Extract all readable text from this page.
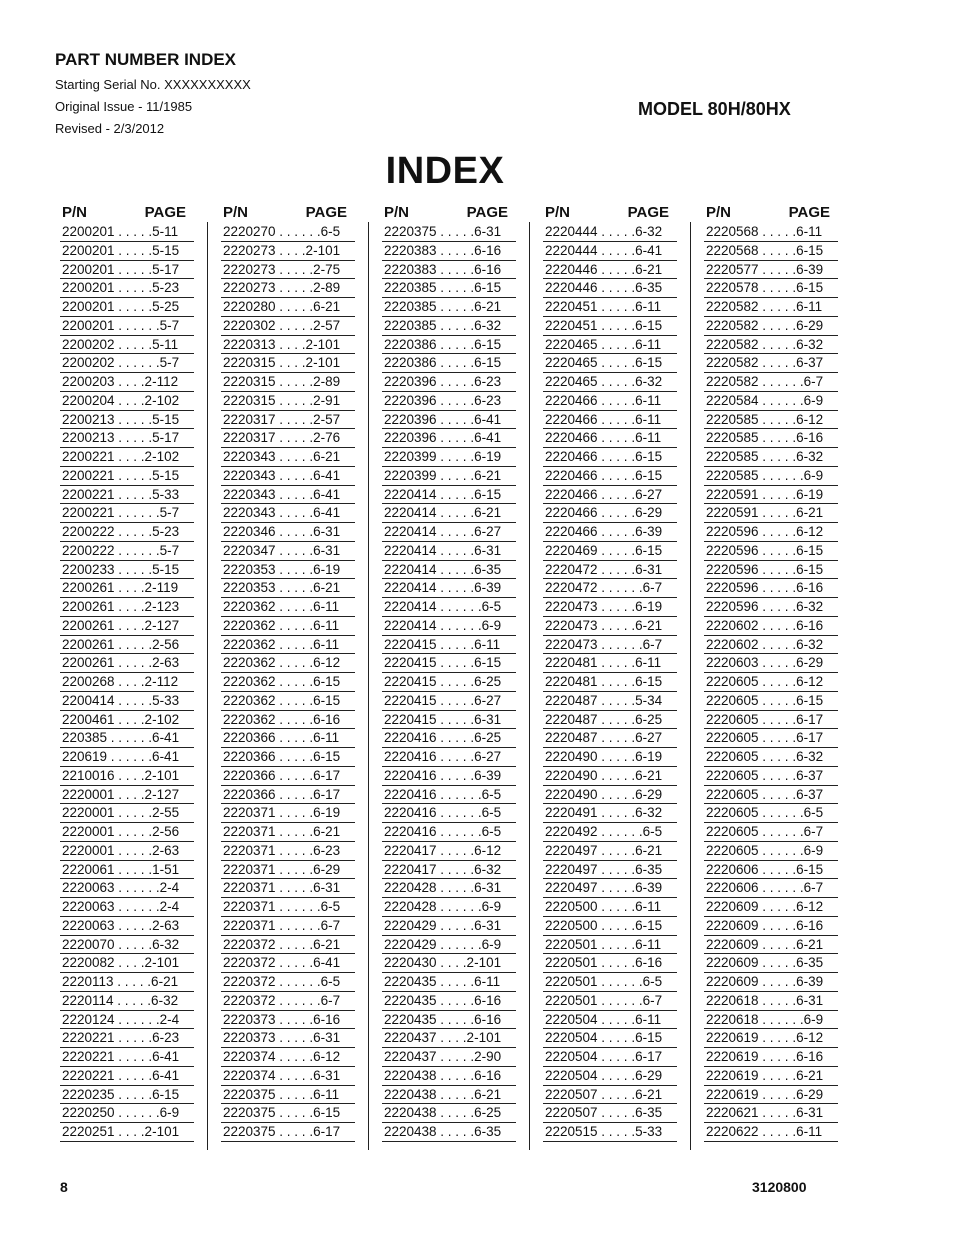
PART NUMBER INDEX
Starting Serial No. XXXXXXXXXX
Original Issue - 11/1985
Revised - 2/3/2012
MODEL 80H/80HX
INDEX
P/N	PAGE
2200201 . . . . .5-11
2200201 . . . . .5-15
2200201 . . . . .5-17
2200201 . . . . .5-23
2200201 . . . . .5-25
2200201 . . . . . .5-7
2200202 . . . . .5-11
2200202 . . . . . .5-7
2200203 . . . .2-112
2200204 . . . .2-102
2200213 . . . . .5-15
2200213 . . . . .5-17
2200221 . . . .2-102
2200221 . . . . .5-15
2200221 . . . . .5-33
2200221 . . . . . .5-7
2200222 . . . . .5-23
2200222 . . . . . .5-7
2200233 . . . . .5-15
2200261 . . . .2-119
2200261 . . . .2-123
2200261 . . . .2-127
2200261 . . . . .2-56
2200261 . . . . .2-63
2200268 . . . .2-112
2200414 . . . . .5-33
2200461 . . . .2-102
220385 . . . . . .6-41
220619 . . . . . .6-41
2210016 . . . .2-101
2220001 . . . .2-127
2220001 . . . . .2-55
2220001 . . . . .2-56
2220001 . . . . .2-63
2220061 . . . . .1-51
2220063 . . . . . .2-4
2220063 . . . . . .2-4
2220063 . . . . .2-63
2220070 . . . . .6-32
2220082 . . . .2-101
2220113 . . . . .6-21
2220114 . . . . .6-32
2220124 . . . . . .2-4
2220221 . . . . .6-23
2220221 . . . . .6-41
2220221 . . . . .6-41
2220235 . . . . .6-15
2220250 . . . . . .6-9
2220251 . . . .2-101
P/N	PAGE
2220270 . . . . . .6-5
2220273 . . . .2-101
2220273 . . . . .2-75
2220273 . . . . .2-89
2220280 . . . . .6-21
2220302 . . . . .2-57
2220313 . . . .2-101
2220315 . . . .2-101
2220315 . . . . .2-89
2220315 . . . . .2-91
2220317 . . . . .2-57
2220317 . . . . .2-76
2220343 . . . . .6-21
2220343 . . . . .6-41
2220343 . . . . .6-41
2220343 . . . . .6-41
2220346 . . . . .6-31
2220347 . . . . .6-31
2220353 . . . . .6-19
2220353 . . . . .6-21
2220362 . . . . .6-11
2220362 . . . . .6-11
2220362 . . . . .6-11
2220362 . . . . .6-12
2220362 . . . . .6-15
2220362 . . . . .6-15
2220362 . . . . .6-16
2220366 . . . . .6-11
2220366 . . . . .6-15
2220366 . . . . .6-17
2220366 . . . . .6-17
2220371 . . . . .6-19
2220371 . . . . .6-21
2220371 . . . . .6-23
2220371 . . . . .6-29
2220371 . . . . .6-31
2220371 . . . . . .6-5
2220371 . . . . . .6-7
2220372 . . . . .6-21
2220372 . . . . .6-41
2220372 . . . . . .6-5
2220372 . . . . . .6-7
2220373 . . . . .6-16
2220373 . . . . .6-31
2220374 . . . . .6-12
2220374 . . . . .6-31
2220375 . . . . .6-11
2220375 . . . . .6-15
2220375 . . . . .6-17
P/N	PAGE
2220375 . . . . .6-31
2220383 . . . . .6-16
2220383 . . . . .6-16
2220385 . . . . .6-15
2220385 . . . . .6-21
2220385 . . . . .6-32
2220386 . . . . .6-15
2220386 . . . . .6-15
2220396 . . . . .6-23
2220396 . . . . .6-23
2220396 . . . . .6-41
2220396 . . . . .6-41
2220399 . . . . .6-19
2220399 . . . . .6-21
2220414 . . . . .6-15
2220414 . . . . .6-21
2220414 . . . . .6-27
2220414 . . . . .6-31
2220414 . . . . .6-35
2220414 . . . . .6-39
2220414 . . . . . .6-5
2220414 . . . . . .6-9
2220415 . . . . .6-11
2220415 . . . . .6-15
2220415 . . . . .6-25
2220415 . . . . .6-27
2220415 . . . . .6-31
2220416 . . . . .6-25
2220416 . . . . .6-27
2220416 . . . . .6-39
2220416 . . . . . .6-5
2220416 . . . . . .6-5
2220416 . . . . . .6-5
2220417 . . . . .6-12
2220417 . . . . .6-32
2220428 . . . . .6-31
2220428 . . . . . .6-9
2220429 . . . . .6-31
2220429 . . . . . .6-9
2220430 . . . .2-101
2220435 . . . . .6-11
2220435 . . . . .6-16
2220435 . . . . .6-16
2220437 . . . .2-101
2220437 . . . . .2-90
2220438 . . . . .6-16
2220438 . . . . .6-21
2220438 . . . . .6-25
2220438 . . . . .6-35
P/N	PAGE
2220444 . . . . .6-32
2220444 . . . . .6-41
2220446 . . . . .6-21
2220446 . . . . .6-35
2220451 . . . . .6-11
2220451 . . . . .6-15
2220465 . . . . .6-11
2220465 . . . . .6-15
2220465 . . . . .6-32
2220466 . . . . .6-11
2220466 . . . . .6-11
2220466 . . . . .6-11
2220466 . . . . .6-15
2220466 . . . . .6-15
2220466 . . . . .6-27
2220466 . . . . .6-29
2220466 . . . . .6-39
2220469 . . . . .6-15
2220472 . . . . .6-31
2220472 . . . . . .6-7
2220473 . . . . .6-19
2220473 . . . . .6-21
2220473 . . . . . .6-7
2220481 . . . . .6-11
2220481 . . . . .6-15
2220487 . . . . .5-34
2220487 . . . . .6-25
2220487 . . . . .6-27
2220490 . . . . .6-19
2220490 . . . . .6-21
2220490 . . . . .6-29
2220491 . . . . .6-32
2220492 . . . . . .6-5
2220497 . . . . .6-21
2220497 . . . . .6-35
2220497 . . . . .6-39
2220500 . . . . .6-11
2220500 . . . . .6-15
2220501 . . . . .6-11
2220501 . . . . .6-16
2220501 . . . . . .6-5
2220501 . . . . . .6-7
2220504 . . . . .6-11
2220504 . . . . .6-15
2220504 . . . . .6-17
2220504 . . . . .6-29
2220507 . . . . .6-21
2220507 . . . . .6-35
2220515 . . . . .5-33
P/N	PAGE
2220568 . . . . .6-11
2220568 . . . . .6-15
2220577 . . . . .6-39
2220578 . . . . .6-15
2220582 . . . . .6-11
2220582 . . . . .6-29
2220582 . . . . .6-32
2220582 . . . . .6-37
2220582 . . . . . .6-7
2220584 . . . . . .6-9
2220585 . . . . .6-12
2220585 . . . . .6-16
2220585 . . . . .6-32
2220585 . . . . . .6-9
2220591 . . . . .6-19
2220591 . . . . .6-21
2220596 . . . . .6-12
2220596 . . . . .6-15
2220596 . . . . .6-15
2220596 . . . . .6-16
2220596 . . . . .6-32
2220602 . . . . .6-16
2220602 . . . . .6-32
2220603 . . . . .6-29
2220605 . . . . .6-12
2220605 . . . . .6-15
2220605 . . . . .6-17
2220605 . . . . .6-17
2220605 . . . . .6-32
2220605 . . . . .6-37
2220605 . . . . .6-37
2220605 . . . . . .6-5
2220605 . . . . . .6-7
2220605 . . . . . .6-9
2220606 . . . . .6-15
2220606 . . . . . .6-7
2220609 . . . . .6-12
2220609 . . . . .6-16
2220609 . . . . .6-21
2220609 . . . . .6-35
2220609 . . . . .6-39
2220618 . . . . .6-31
2220618 . . . . . .6-9
2220619 . . . . .6-12
2220619 . . . . .6-16
2220619 . . . . .6-21
2220619 . . . . .6-29
2220621 . . . . .6-31
2220622 . . . . .6-11
8	3120800
